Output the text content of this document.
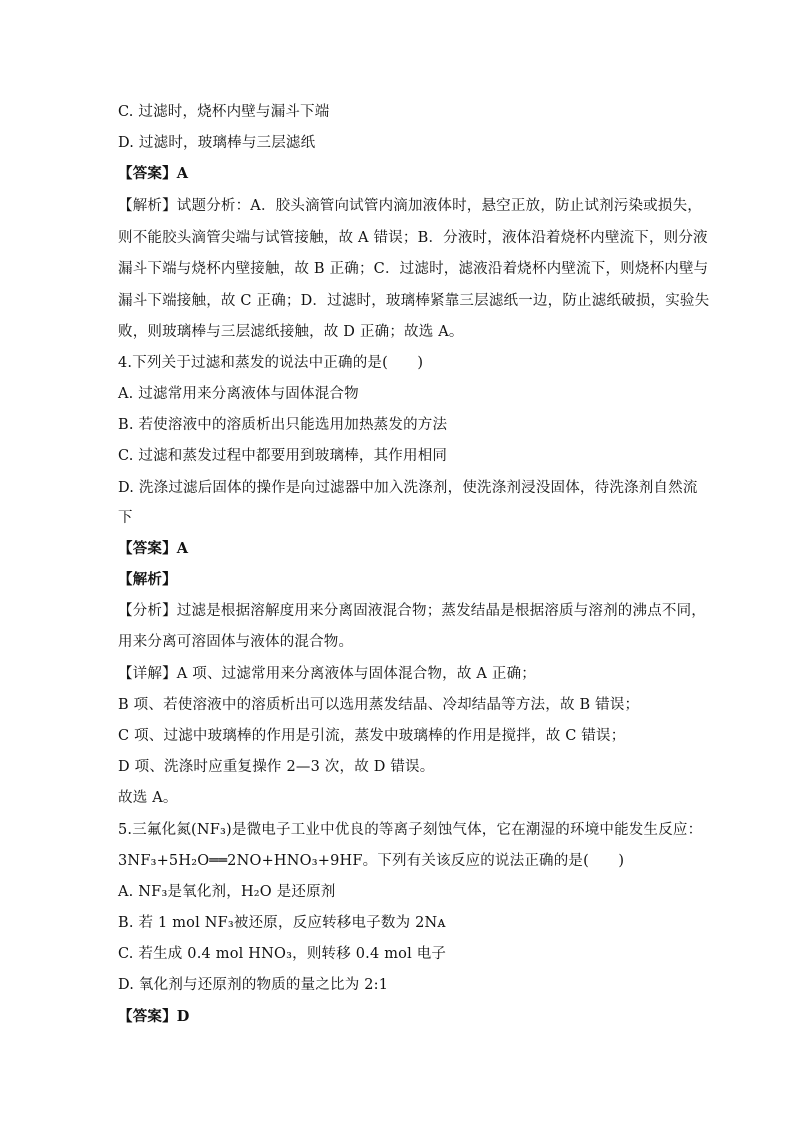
C. 过滤时，烧杯内壁与漏斗下端
D. 过滤时，玻璃棒与三层滤纸
【答案】A
【解析】试题分析：A．胶头滴管向试管内滴加液体时，悬空正放，防止试剂污染或损失，
则不能胶头滴管尖端与试管接触，故 A 错误；B．分液时，液体沿着烧杯内壁流下，则分液
漏斗下端与烧杯内壁接触，故 B 正确；C．过滤时，滤液沿着烧杯内壁流下，则烧杯内壁与
漏斗下端接触，故 C 正确；D．过滤时，玻璃棒紧靠三层滤纸一边，防止滤纸破损，实验失
败，则玻璃棒与三层滤纸接触，故 D 正确；故选 A。
4.下列关于过滤和蒸发的说法中正确的是(　　)
A. 过滤常用来分离液体与固体混合物
B. 若使溶液中的溶质析出只能选用加热蒸发的方法
C. 过滤和蒸发过程中都要用到玻璃棒，其作用相同
D. 洗涤过滤后固体的操作是向过滤器中加入洗涤剂，使洗涤剂浸没固体，待洗涤剂自然流
下
【答案】A
【解析】
【分析】过滤是根据溶解度用来分离固液混合物；蒸发结晶是根据溶质与溶剂的沸点不同，
用来分离可溶固体与液体的混合物。
【详解】A 项、过滤常用来分离液体与固体混合物，故 A 正确；
B 项、若使溶液中的溶质析出可以选用蒸发结晶、冷却结晶等方法，故 B 错误；
C 项、过滤中玻璃棒的作用是引流，蒸发中玻璃棒的作用是搅拌，故 C 错误；
D 项、洗涤时应重复操作 2—3 次，故 D 错误。
故选 A。
5.三氟化氮(NF₃)是微电子工业中优良的等离子刻蚀气体，它在潮湿的环境中能发生反应：
3NF₃+5H₂O══2NO+HNO₃+9HF。下列有关该反应的说法正确的是(　　)
A. NF₃是氧化剂，H₂O 是还原剂
B. 若 1 mol NF₃被还原，反应转移电子数为 2Nᴀ
C. 若生成 0.4 mol HNO₃，则转移 0.4 mol 电子
D. 氧化剂与还原剂的物质的量之比为 2:1
【答案】D
